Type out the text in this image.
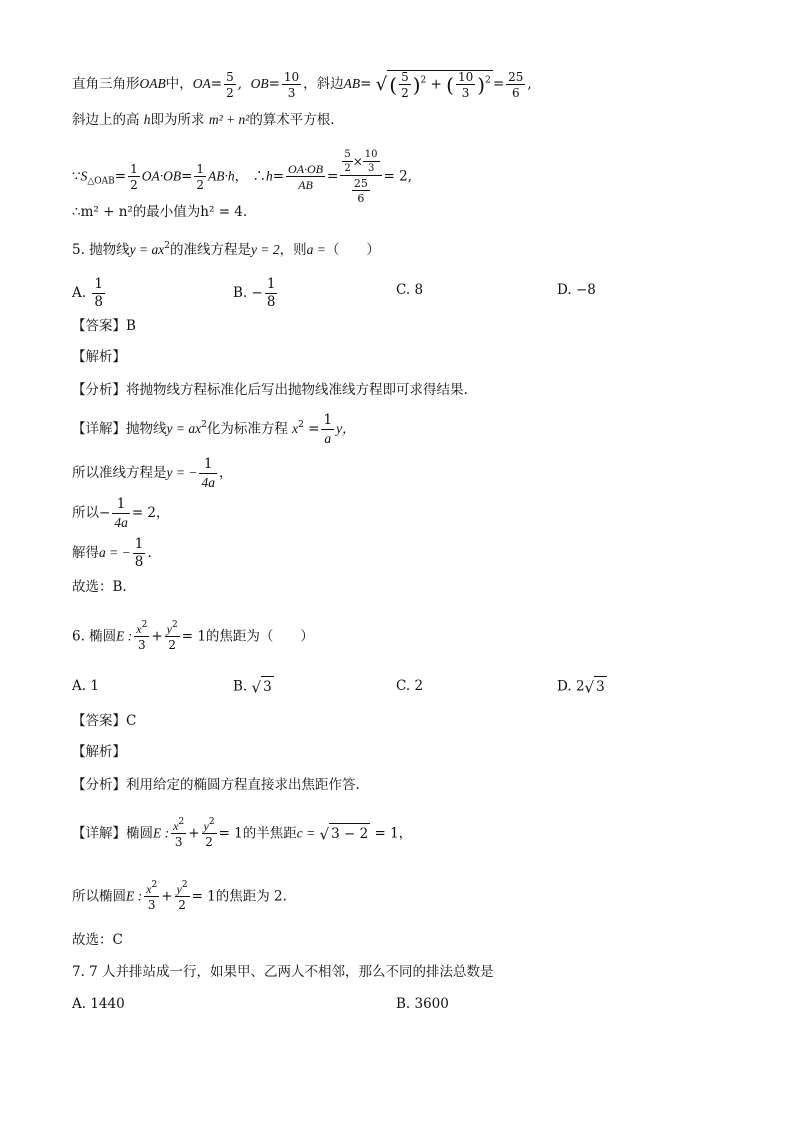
直角三角形OAB中，$OA= \frac{5}{2}$ ,  $OB= \frac{10}{3}$ ，斜边AB= √ ( $\frac{5}{2} )^2$ + ( $\frac{10}{3} )^2 = \frac{25}{6}$ ,
斜边上的高 h即为所求 m² + n²的算术平方根．
$\because S_{\triangle OAB}= \frac{1}{2} OA\cdot OB= \frac{1}{2} AB\cdot h$， ∴h= $\frac{OA\cdot OB}{AB} = \frac{\frac{5}{2} \times \frac{10}{3}}{\frac{25}{6}} = 2$,
∴m² + n²的最小值为h² = 4.
5. 抛物线$y = ax^2$的准线方程是y = 2，则a =（　　）
A. $\frac{1}{8}$	B. − $\frac{1}{8}$	C. 8	D. −8
【答案】B
【解析】
【分析】将抛物线方程标准化后写出抛物线准线方程即可求得结果.
【详解】抛物线$y = ax^2$化为标准方程 $x^2 = \frac{1}{a}$ y，
所以准线方程是y = − $\frac{1}{4a}$ ，
所以− $\frac{1}{4a} = 2$，
解得a = − $\frac{1}{8}$ .
故选：B.
6. 椭圆E : $\frac{x^2}{3} + \frac{y^2}{2} = 1$的焦距为（　　）
A. 1	B. √ 3	C. 2	D. 2√ 3
【答案】C
【解析】
【分析】利用给定的椭圆方程直接求出焦距作答.
【详解】椭圆E : $\frac{x^2}{3} + \frac{y^2}{2} = 1$的半焦距c = √ 3 − 2 = 1，
所以椭圆E : $\frac{x^2}{3} + \frac{y^2}{2} = 1$的焦距为 2.
故选：C
7. 7 人并排站成一行，如果甲、乙两人不相邻，那么不同的排法总数是
A. 1440	B. 3600
